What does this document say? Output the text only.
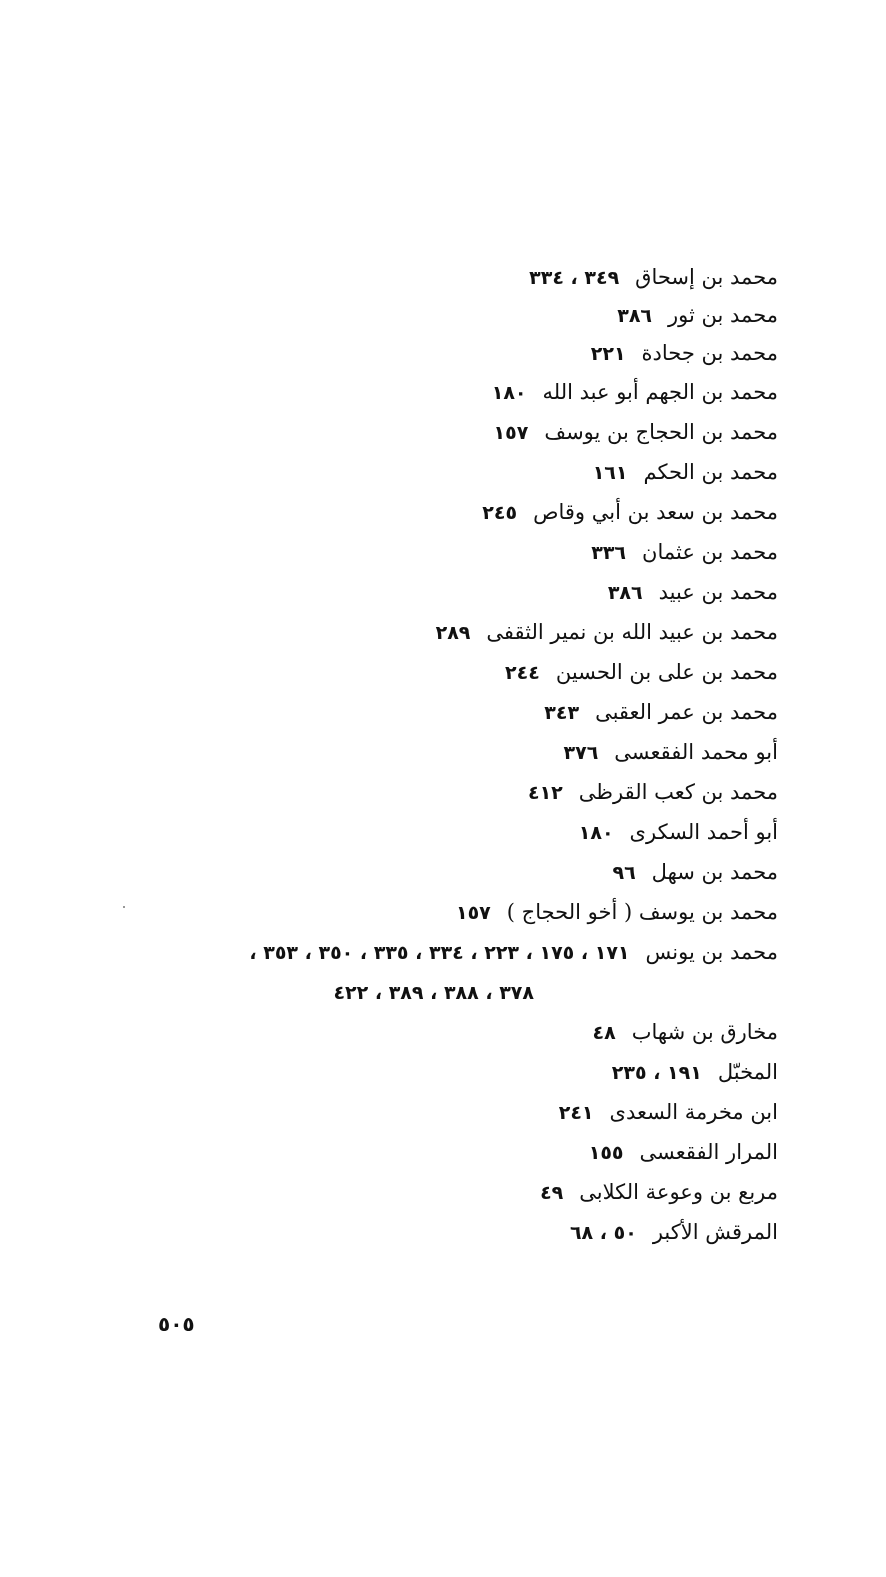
محمد بن إسحاق٣٤٩ ، ٣٣٤
محمد بن ثور٣٨٦
محمد بن جحادة٢٢١
محمد بن الجهم أبو عبد الله١٨٠
محمد بن الحجاج بن يوسف١٥٧
محمد بن الحكم١٦١
محمد بن سعد بن أبي وقاص٢٤٥
محمد بن عثمان٣٣٦
محمد بن عبيد٣٨٦
محمد بن عبيد الله بن نمير الثقفى٢٨٩
محمد بن على بن الحسين٢٤٤
محمد بن عمر العقبى٣٤٣
أبو محمد الفقعسى٣٧٦
محمد بن كعب القرظى٤١٢
أبو أحمد السكرى١٨٠
محمد بن سهل٩٦
محمد بن يوسف ( أخو الحجاج )١٥٧
محمد بن يونس١٧١ ، ١٧٥ ، ٢٢٣ ، ٣٣٤ ، ٣٣٥ ، ٣٥٠ ، ٣٥٣ ،
٣٧٨ ، ٣٨٨ ، ٣٨٩ ، ٤٢٢
مخارق بن شهاب٤٨
المخبّل١٩١ ، ٢٣٥
ابن مخرمة السعدى٢٤١
المرار الفقعسى١٥٥
مربع بن وعوعة الكلابى٤٩
المرقش الأكبر٥٠ ، ٦٨
٥٠٥
